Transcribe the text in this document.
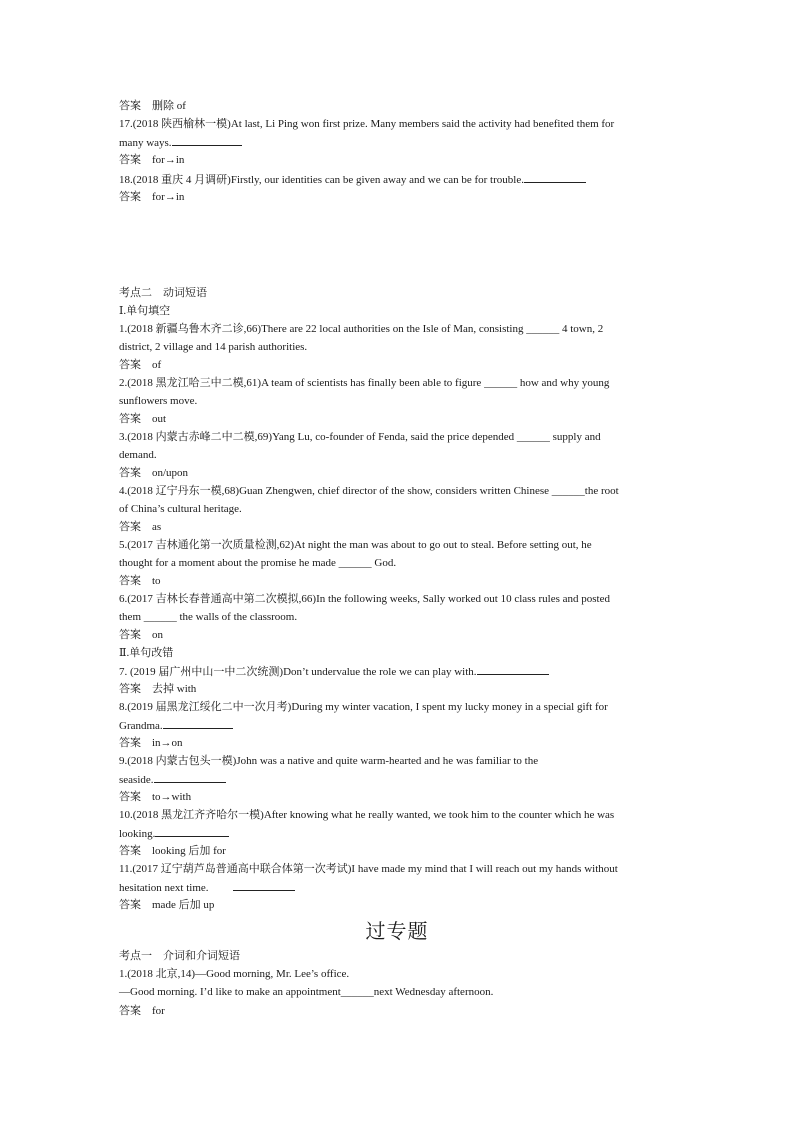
过专题
答案　删除 of
17.(2018 陕西榆林一模)At last, Li Ping won first prize. Many members said the activity had benefited them for
many ways.
答案　for→in
18.(2018 重庆 4 月调研)Firstly, our identities can be given away and we can be for trouble.
答案　for→in
考点二　动词短语
Ⅰ.单句填空
1.(2018 新疆乌鲁木齐二诊,66)There are 22 local authorities on the Isle of Man, consisting ______ 4 town, 2
district, 2 village and 14 parish authorities.
答案　of
2.(2018 黑龙江哈三中二模,61)A team of scientists has finally been able to figure ______ how and why young
sunflowers move.
答案　out
3.(2018 内蒙古赤峰二中二模,69)Yang Lu, co-founder of Fenda, said the price depended ______ supply and
demand.
答案　on/upon
4.(2018 辽宁丹东一模,68)Guan Zhengwen, chief director of the show, considers written Chinese ______the root
of China’s cultural heritage.
答案　as
5.(2017 吉林通化第一次质量检测,62)At night the man was about to go out to steal. Before setting out, he
thought for a moment about the promise he made ______ God.
答案　to
6.(2017 吉林长春普通高中第二次模拟,66)In the following weeks, Sally worked out 10 class rules and posted
them ______ the walls of the classroom.
答案　on
Ⅱ.单句改错
7. (2019 届广州中山一中二次统测)Don’t undervalue the role we can play with.
答案　去掉 with
8.(2019 届黑龙江绥化二中一次月考)During my winter vacation, I spent my lucky money in a special gift for
Grandma.
答案　in→on
9.(2018 内蒙古包头一模)John was a native and quite warm-hearted and he was familiar to the
seaside.
答案　to→with
10.(2018 黑龙江齐齐哈尔一模)After knowing what he really wanted, we took him to the counter which he was
looking.
答案　looking 后加 for
11.(2017 辽宁葫芦岛普通高中联合体第一次考试)I have made my mind that I will reach out my hands without
hesitation next time.
答案　made 后加 up
考点一　介词和介词短语
1.(2018 北京,14)—Good morning, Mr. Lee’s office.
—Good morning. I’d like to make an appointment______next Wednesday afternoon.
答案　for
